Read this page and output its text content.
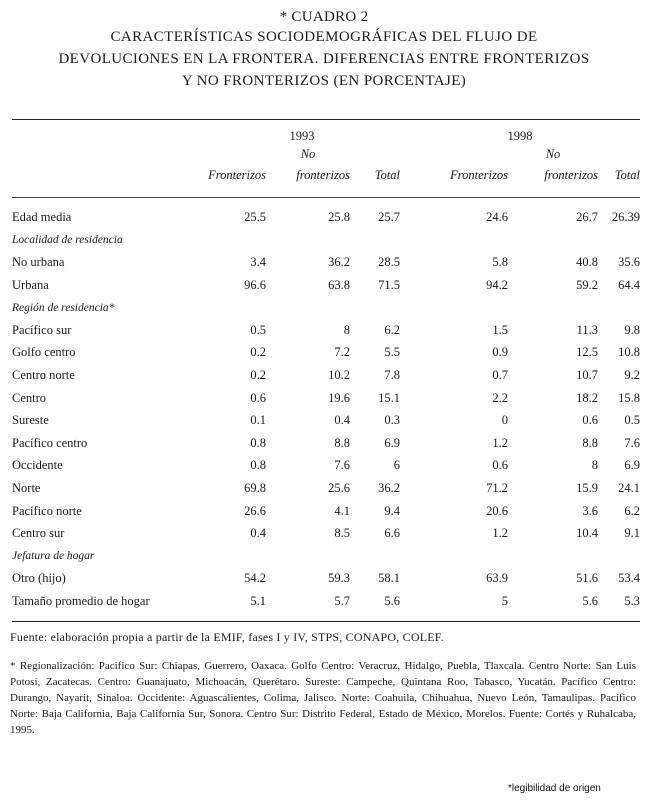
* CUADRO 2
CARACTERÍSTICAS SOCIODEMOGRÁFICAS DEL FLUJO DE
DEVOLUCIONES EN LA FRONTERA. DIFERENCIAS ENTRE FRONTERIZOS
Y NO FRONTERIZOS (EN PORCENTAJE)

	1993			1998		
		No			No	
	Fronterizos	fronterizos	Total	Fronterizos	fronterizos	Total

Edad media	25.5	25.8	25.7	24.6	26.7	26.39
Localidad de residencia						
No urbana	3.4	36.2	28.5	5.8	40.8	35.6
Urbana	96.6	63.8	71.5	94.2	59.2	64.4
Región de residencia*						
Pacífico sur	0.5	8	6.2	1.5	11.3	9.8
Golfo centro	0.2	7.2	5.5	0.9	12.5	10.8
Centro norte	0.2	10.2	7.8	0.7	10.7	9.2
Centro	0.6	19.6	15.1	2.2	18.2	15.8
Sureste	0.1	0.4	0.3	0	0.6	0.5
Pacífico centro	0.8	8.8	6.9	1.2	8.8	7.6
Occidente	0.8	7.6	6	0.6	8	6.9
Norte	69.8	25.6	36.2	71.2	15.9	24.1
Pacífico norte	26.6	4.1	9.4	20.6	3.6	6.2
Centro sur	0.4	8.5	6.6	1.2	10.4	9.1
Jefatura de hogar						
Otro (hijo)	54.2	59.3	58.1	63.9	51.6	53.4
Tamaño promedio de hogar	5.1	5.7	5.6	5	5.6	5.3

Fuente: elaboración propia a partir de la EMIF, fases I y IV, STPS, CONAPO, COLEF.
* Regionalización: Pacífico Sur: Chiapas, Guerrero, Oaxaca. Golfo Centro: Veracruz, Hidalgo, Puebla, Tlaxcala. Centro Norte: San Luis Potosí, Zacatecas. Centro: Guanajuato, Michoacán, Querétaro. Sureste: Campeche, Quintana Roo, Tabasco, Yucatán. Pacífico Centro: Durango, Nayarit, Sinaloa. Occidente: Aguascalientes, Colima, Jalisco. Norte: Coahuila, Chihuahua, Nuevo León, Tamaulipas. Pacífico Norte: Baja California, Baja California Sur, Sonora. Centro Sur: Distrito Federal, Estado de México, Morelos. Fuente: Cortés y Ruhalcaba, 1995.
*legibilidad de origen
